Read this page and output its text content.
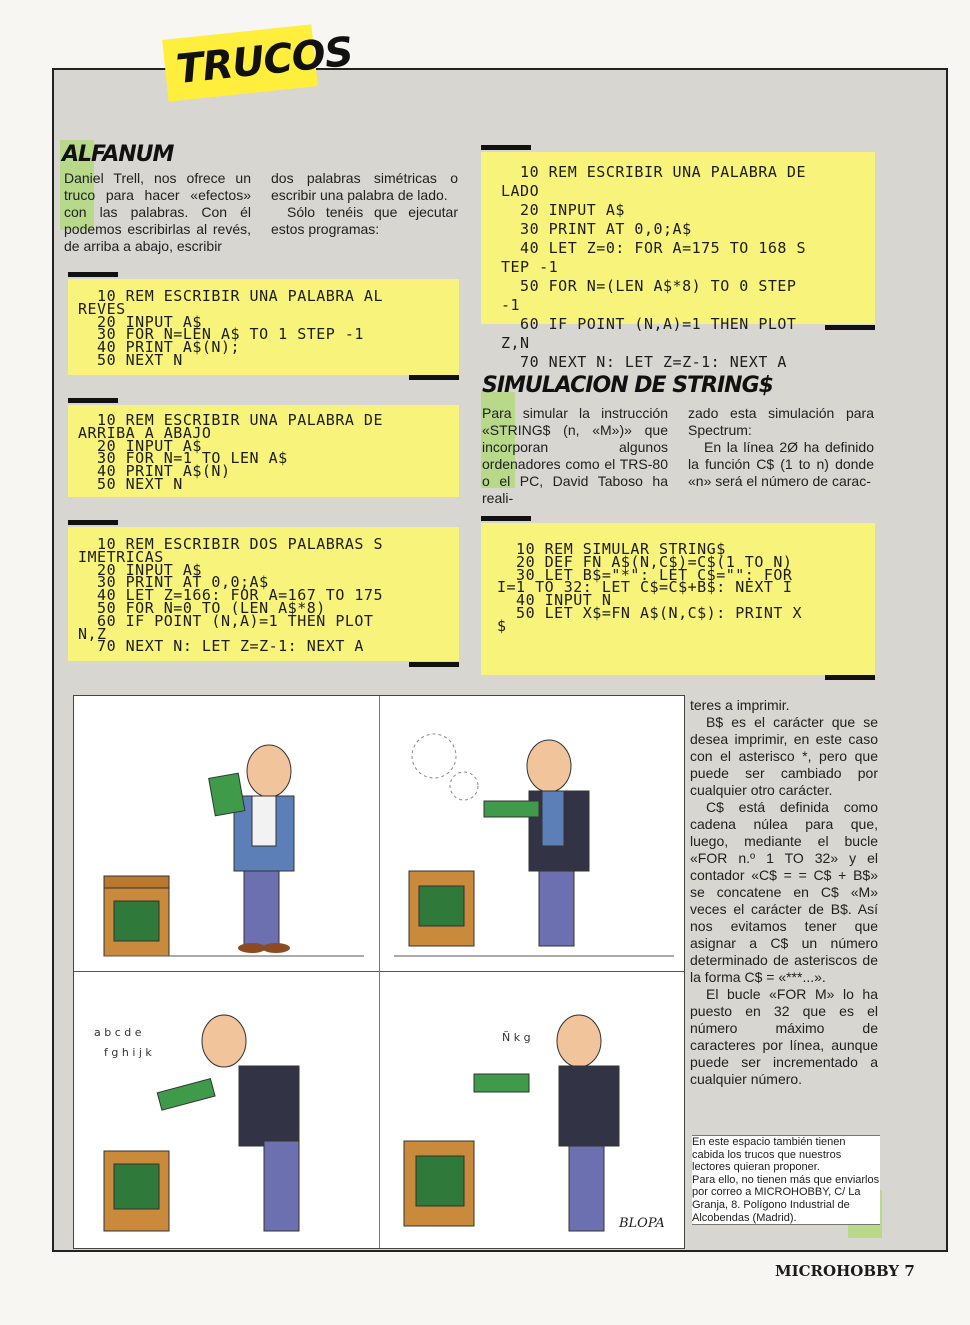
TRUCOS
ALFANUM

Daniel Trell, nos ofrece un truco para hacer «efectos» con las palabras. Con él podemos escribirlas al revés, de arriba a abajo, escribir

dos palabras simétricas o escribir una palabra de lado.

Sólo tenéis que ejecutar estos programas:

10 REM ESCRIBIR UNA PALABRA AL
REVES
20 INPUT A$
30 FOR N=LEN A$ TO 1 STEP -1
40 PRINT A$(N);
50 NEXT N
10 REM ESCRIBIR UNA PALABRA DE
ARRIBA A ABAJO
20 INPUT A$
30 FOR N=1 TO LEN A$
40 PRINT A$(N)
50 NEXT N
10 REM ESCRIBIR DOS PALABRAS S
IMETRICAS
20 INPUT A$
30 PRINT AT 0,0;A$
40 LET Z=166: FOR A=167 TO 175
50 FOR N=0 TO (LEN A$*8)
60 IF POINT (N,A)=1 THEN PLOT
N,Z
70 NEXT N: LET Z=Z-1: NEXT A
10 REM ESCRIBIR UNA PALABRA DE
LADO
20 INPUT A$
30 PRINT AT 0,0;A$
40 LET Z=0: FOR A=175 TO 168 S
TEP -1
50 FOR N=(LEN A$*8) TO 0 STEP
-1
60 IF POINT (N,A)=1 THEN PLOT
Z,N
70 NEXT N: LET Z=Z-1: NEXT A
SIMULACION DE STRING$

Para simular la instrucción «STRING$ (n, «M»)» que incorporan algunos ordenadores como el TRS-80 o el PC, David Taboso ha reali-

zado esta simulación para Spectrum:

En la línea 2Ø ha definido la función C$ (1 to n) donde «n» será el número de carac-

10 REM SIMULAR STRING$
20 DEF FN A$(N,C$)=C$(1 TO N)
30 LET B$="*": LET C$="": FOR
I=1 TO 32: LET C$=C$+B$: NEXT I
40 INPUT N
50 LET X$=FN A$(N,C$): PRINT X
$
a b c d e
f g h i j k
Ñ k g
BLOPA

teres a imprimir.

B$ es el carácter que se desea imprimir, en este caso con el asterisco *, pero que puede ser cambiado por cualquier otro carácter.

C$ está definida como cadena núlea para que, luego, mediante el bucle «FOR n.º 1 TO 32» y el contador «C$ = = C$ + B$» se concatene en C$ «M» veces el carácter de B$. Así nos evitamos tener que asignar a C$ un número determinado de asteriscos de la forma C$ = «***...».

El bucle «FOR M» lo ha puesto en 32 que es el número máximo de caracteres por línea, aunque puede ser incrementado a cualquier número.

En este espacio también tienen cabida los trucos que nuestros lectores quieran proponer.

Para ello, no tienen más que enviarlos por correo a MICROHOBBY, C/ La Granja, 8. Polígono Industrial de Alcobendas (Madrid).

MICROHOBBY 7
